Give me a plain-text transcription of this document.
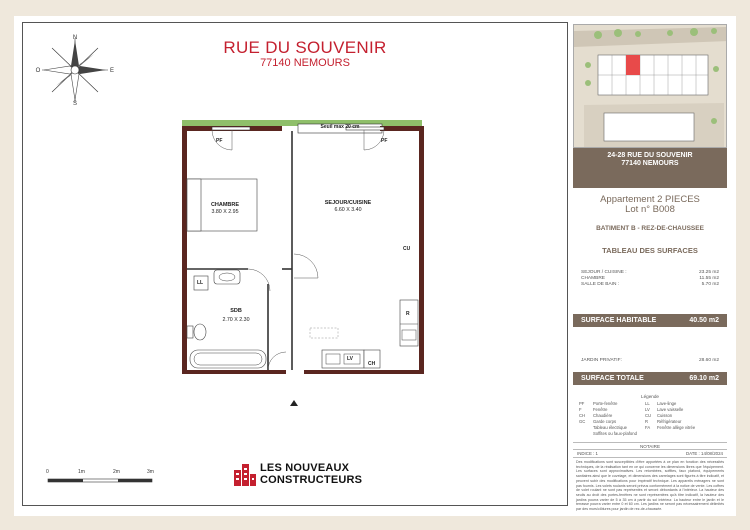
N
S
E
O
RUE DU SOUVENIR
77140 NEMOURS
Seuil max 20 cm
CHAMBRE
3.80 X 2.95
SEJOUR/CUISINE
6.60 X 3.40
SDB
2.70 X 2.30
PF	PF
LL
CU
R
LV
CH
0	1m	2m	3m	LES NOUVEAUX
CONSTRUCTEURS
24-28 RUE DU SOUVENIR
77140 NEMOURS
Appartement 2 PIECES
Lot n° B008
BATIMENT B - REZ-DE-CHAUSSEE
TABLEAU DES SURFACES
SEJOUR / CUISINE :	23.25 m2
CHAMBRE	11.55 m2
SALLE DE BAIN :	5.70 m2
SURFACE HABITABLE	40.50 m2
JARDIN PRIVATIF:	28.60 m2
SURFACE TOTALE	69.10 m2
Légende
PF	Porte-fenêtre	LL	Lave-linge
F	Fenêtre	LV	Lave vaisselle
CH	Chaudière	CU	Cuisson
GC	Garde corps	R	Réfrigérateur
Tableau électrique	FA	Fenêtre allège vitrée
Soffites ou faux-plafond
NOTAIRE
INDICE : 1	DATE : 14/08/2024
Des modifications sont susceptibles d'être apportées à ce plan en fonction des nécessités techniques, de la réalisation tant en ce qui concerne les dimensions libres que l'équipement. Les surfaces sont approximatives. Les retombées, soffites, faux plafond, équipements sanitaires ainsi que le cuvelage, et dimensions des carrelages sont figurés à titre indicatif, et peuvent subir des modifications pour impératif technique. Les appareils ménagers ne sont pas fournis. Les volets roulants seront prévus conformément à la notice de vente. Les coffres de volet roulant ne sont pas représentés et seront débordants à l'intérieur. La hauteur des seuils au droit des portes-fenêtres ne sont représentées qu'à titre indicatif, la hauteur des jardins pourra varier de 5 à 35 cm à partir du sol intérieur. La hauteur entre le jardin et le terrasse pourra varier entre 0 et 60 cm. Les jardins ne seront pas nécessairement délimités par des murs/clôtures pour jardin de rez-de-chaussée.
